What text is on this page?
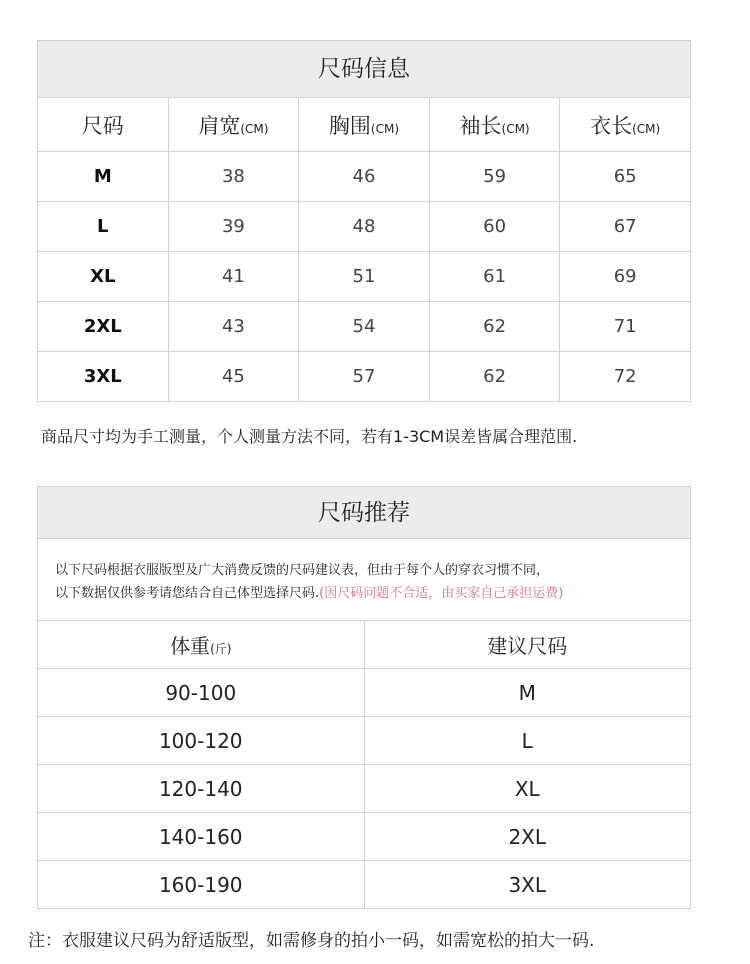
尺码信息
尺码	肩宽(CM)	胸围(CM)	袖长(CM)	衣长(CM)
M	38	46	59	65
L	39	48	60	67
XL	41	51	61	69
2XL	43	54	62	71
3XL	45	57	62	72
商品尺寸均为手工测量，个人测量方法不同，若有1-3CM误差皆属合理范围.
尺码推荐
以下尺码根据衣服版型及广大消费反馈的尺码建议表，但由于每个人的穿衣习惯不同，
以下数据仅供参考请您结合自己体型选择尺码.(因尺码问题不合适，由买家自己承担运费)
体重(斤)	建议尺码
90-100	M
100-120	L
120-140	XL
140-160	2XL
160-190	3XL
注：衣服建议尺码为舒适版型，如需修身的拍小一码，如需宽松的拍大一码.
